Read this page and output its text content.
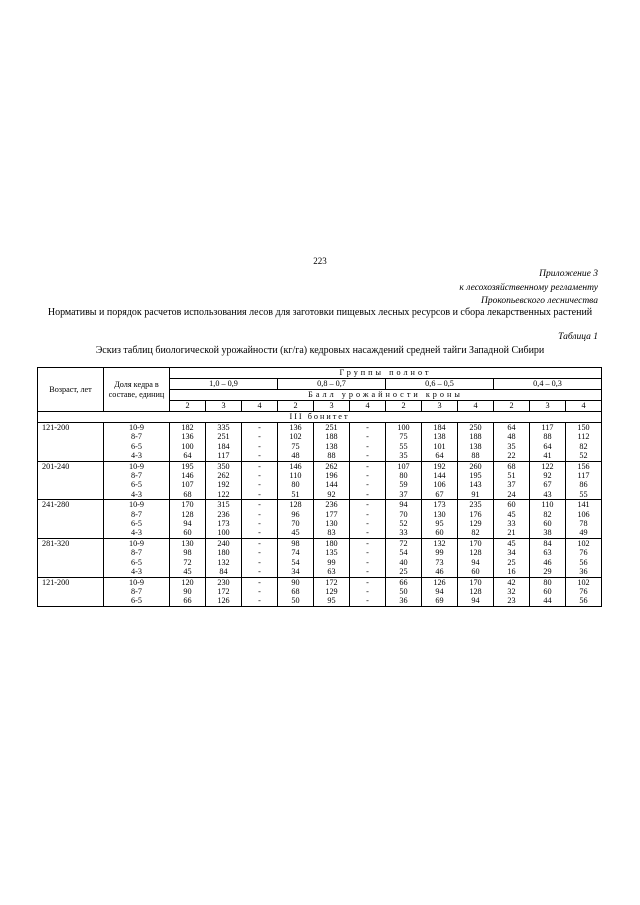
223
Приложение 3
к лесохозяйственному регламенту
Прокопьевского лесничества
Нормативы и порядок расчетов использования лесов для заготовки пищевых лесных ресурсов и сбора лекарственных растений
Таблица 1
Эскиз таблиц биологической урожайности (кг/га) кедровых насаждений средней тайги Западной Сибири
Возраст, лет	Доля кедра в составе, единиц	Группы полнот											
		1,0 – 0,9			0,8 – 0,7			0,6 – 0,5			0,4 – 0,3		
		Балл урожайности кроны											
		2	3	4	2	3	4	2	3	4	2	3	4
III бонитет													
121-200	10-9	182	335	-	136	251	-	100	184	250	64	117	150
	8-7	136	251	-	102	188	-	75	138	188	48	88	112
	6-5	100	184	-	75	138	-	55	101	138	35	64	82
	4-3	64	117	-	48	88	-	35	64	88	22	41	52
201-240	10-9	195	350	-	146	262	-	107	192	260	68	122	156
	8-7	146	262	-	110	196	-	80	144	195	51	92	117
	6-5	107	192	-	80	144	-	59	106	143	37	67	86
	4-3	68	122	-	51	92	-	37	67	91	24	43	55
241-280	10-9	170	315	-	128	236	-	94	173	235	60	110	141
	8-7	128	236	-	96	177	-	70	130	176	45	82	106
	6-5	94	173	-	70	130	-	52	95	129	33	60	78
	4-3	60	100	-	45	83	-	33	60	82	21	38	49
281-320	10-9	130	240	-	98	180	-	72	132	170	45	84	102
	8-7	98	180	-	74	135	-	54	99	128	34	63	76
	6-5	72	132	-	54	99	-	40	73	94	25	46	56
	4-3	45	84	-	34	63	-	25	46	60	16	29	36
121-200	10-9	120	230	-	90	172	-	66	126	170	42	80	102
	8-7	90	172	-	68	129	-	50	94	128	32	60	76
	6-5	66	126	-	50	95	-	36	69	94	23	44	56
